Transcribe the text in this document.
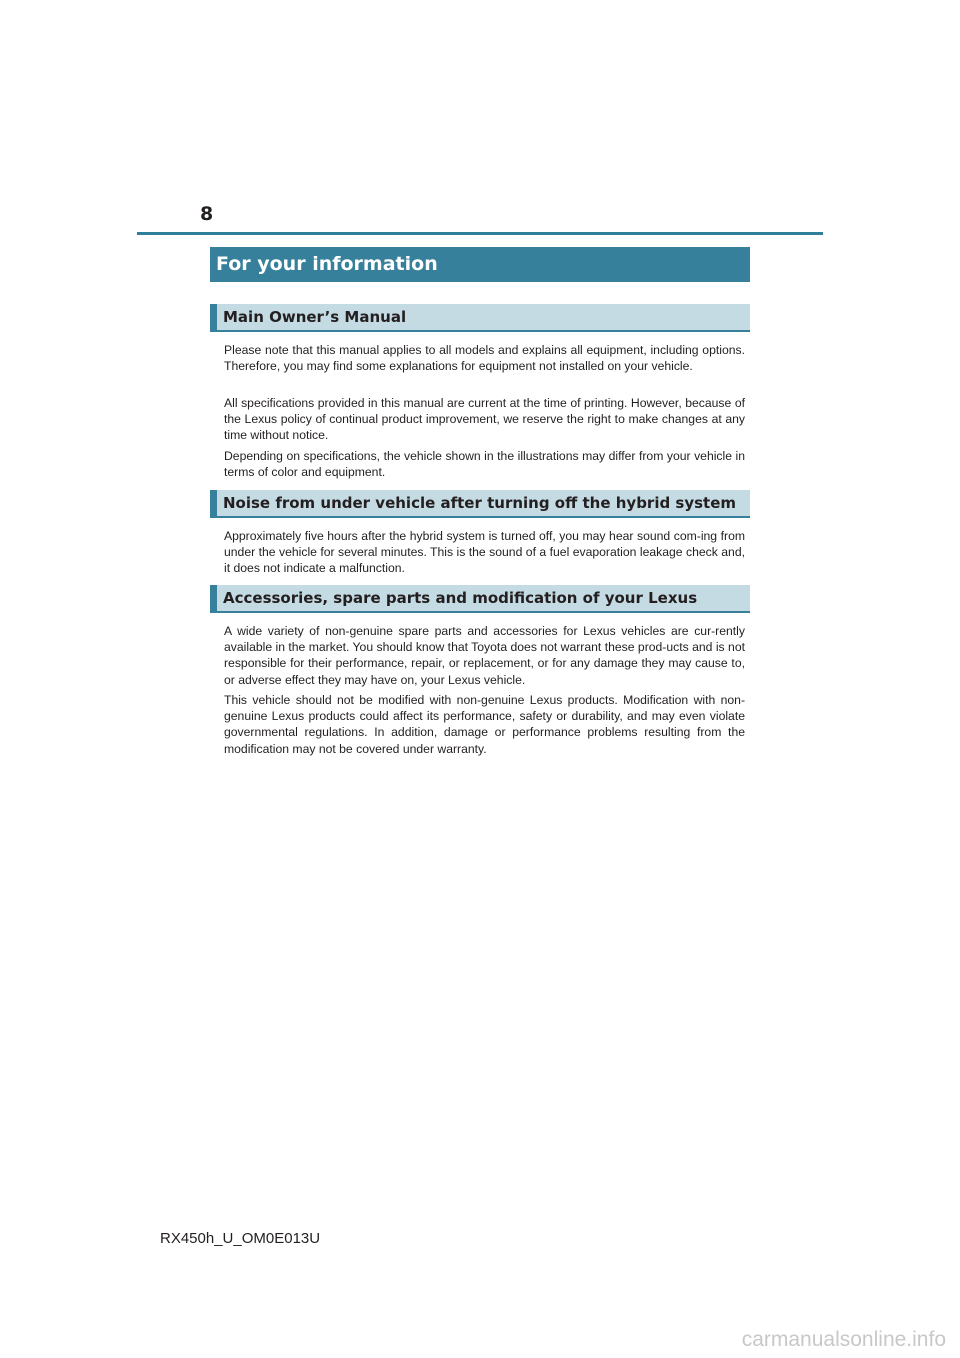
8
For your information
Main Owner’s Manual

Please note that this manual applies to all models and explains all equipment, including options. Therefore, you may find some explanations for equipment not installed on your vehicle.

All specifications provided in this manual are current at the time of printing. However, because of the Lexus policy of continual product improvement, we reserve the right to make changes at any time without notice.

Depending on specifications, the vehicle shown in the illustrations may differ from your vehicle in terms of color and equipment.

Noise from under vehicle after turning off the hybrid system

Approximately five hours after the hybrid system is turned off, you may hear sound com-ing from under the vehicle for several minutes. This is the sound of a fuel evaporation leakage check and, it does not indicate a malfunction.

Accessories, spare parts and modification of your Lexus

A wide variety of non-genuine spare parts and accessories for Lexus vehicles are cur-rently available in the market. You should know that Toyota does not warrant these prod-ucts and is not responsible for their performance, repair, or replacement, or for any damage they may cause to, or adverse effect they may have on, your Lexus vehicle.

This vehicle should not be modified with non-genuine Lexus products. Modification with non-genuine Lexus products could affect its performance, safety or durability, and may even violate governmental regulations. In addition, damage or performance problems resulting from the modification may not be covered under warranty.

RX450h_U_OM0E013U
carmanualsonline.info
